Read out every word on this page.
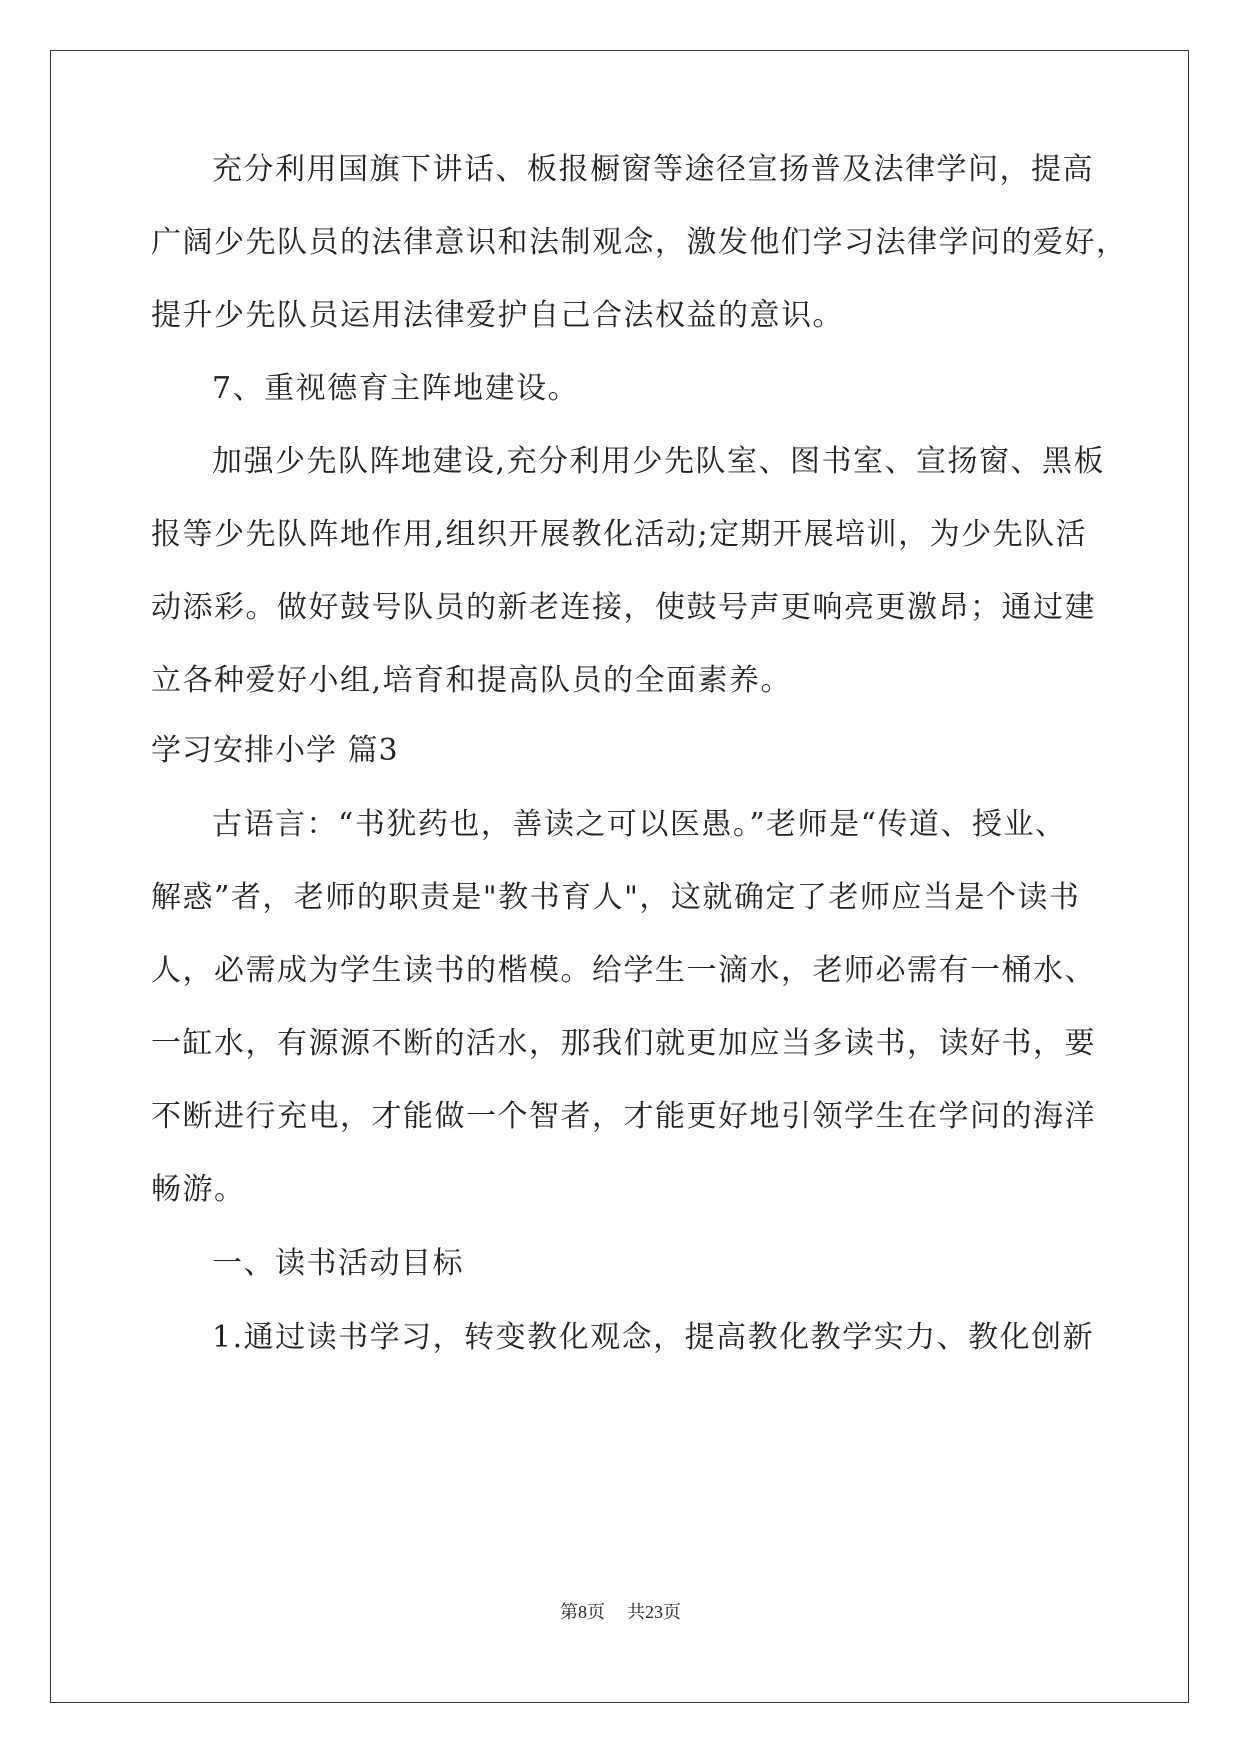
充分利用国旗下讲话、板报橱窗等途径宣扬普及法律学问，提高
广阔少先队员的法律意识和法制观念，激发他们学习法律学问的爱好，
提升少先队员运用法律爱护自己合法权益的意识。
7、重视德育主阵地建设。
加强少先队阵地建设,充分利用少先队室、图书室、宣扬窗、黑板
报等少先队阵地作用,组织开展教化活动;定期开展培训，为少先队活
动添彩。做好鼓号队员的新老连接，使鼓号声更响亮更激昂；通过建
立各种爱好小组,培育和提高队员的全面素养。
学习安排小学 篇3
古语言：“书犹药也，善读之可以医愚。”老师是“传道、授业、
解惑”者，老师的职责是"教书育人"，这就确定了老师应当是个读书
人，必需成为学生读书的楷模。给学生一滴水，老师必需有一桶水、
一缸水，有源源不断的活水，那我们就更加应当多读书，读好书，要
不断进行充电，才能做一个智者，才能更好地引领学生在学问的海洋
畅游。
一、读书活动目标
1.通过读书学习，转变教化观念，提高教化教学实力、教化创新
第8页 共23页
